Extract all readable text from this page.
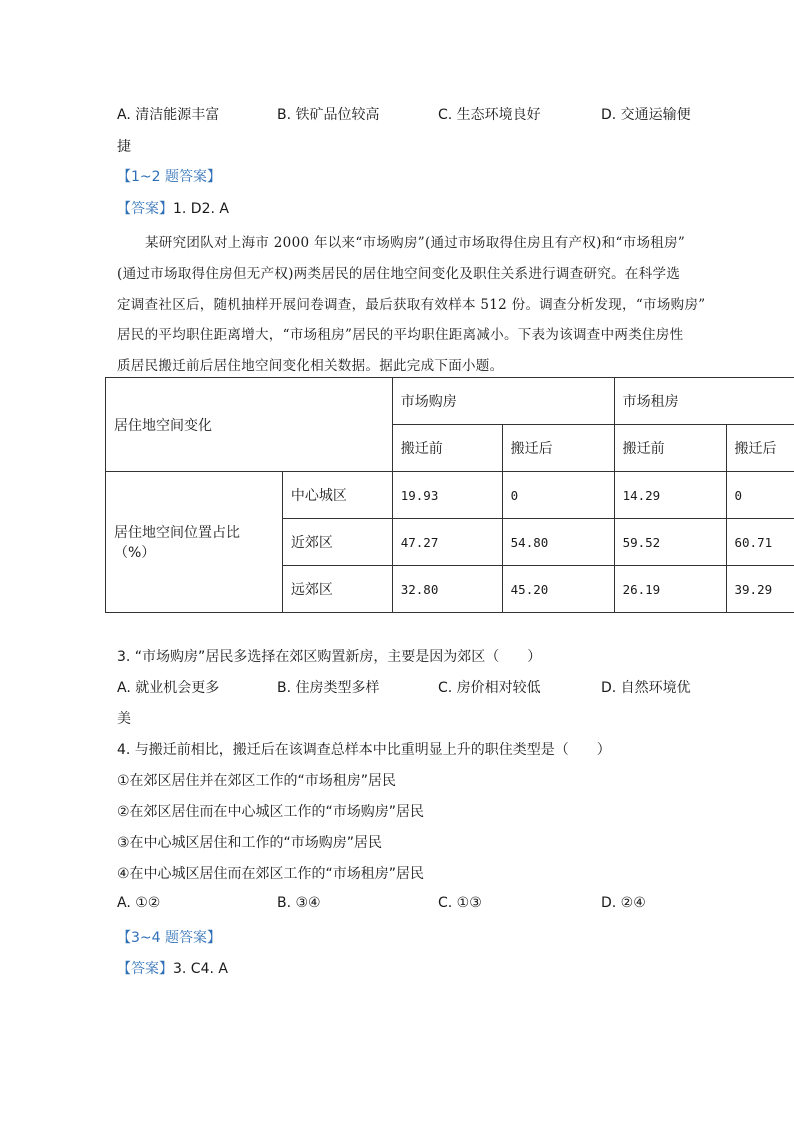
A. 清洁能源丰富	B. 铁矿品位较高	C. 生态环境良好	D. 交通运输便
捷
【1~2 题答案】
【答案】1. D2. A
某研究团队对上海市 2000 年以来“市场购房”(通过市场取得住房且有产权)和“市场租房”
(通过市场取得住房但无产权)两类居民的居住地空间变化及职住关系进行调查研究。在科学选
定调查社区后，随机抽样开展问卷调查，最后获取有效样本 512 份。调查分析发现，“市场购房”
居民的平均职住距离增大，“市场租房”居民的平均职住距离减小。下表为该调查中两类住房性
质居民搬迁前后居住地空间变化相关数据。据此完成下面小题。
居住地空间变化		市场购房		市场租房	
		搬迁前	搬迁后	搬迁前	搬迁后
居住地空间位置占比（%）	中心城区	19.93	0	14.29	0
	近郊区	47.27	54.80	59.52	60.71
	远郊区	32.80	45.20	26.19	39.29
3. “市场购房”居民多选择在郊区购置新房，主要是因为郊区（　　）
A. 就业机会更多	B. 住房类型多样	C. 房价相对较低	D. 自然环境优
美
4. 与搬迁前相比，搬迁后在该调查总样本中比重明显上升的职住类型是（　　）
①在郊区居住并在郊区工作的“市场租房”居民
②在郊区居住而在中心城区工作的“市场购房”居民
③在中心城区居住和工作的“市场购房”居民
④在中心城区居住而在郊区工作的“市场租房”居民
A. ①②	B. ③④	C. ①③	D. ②④
【3~4 题答案】
【答案】3. C4. A
